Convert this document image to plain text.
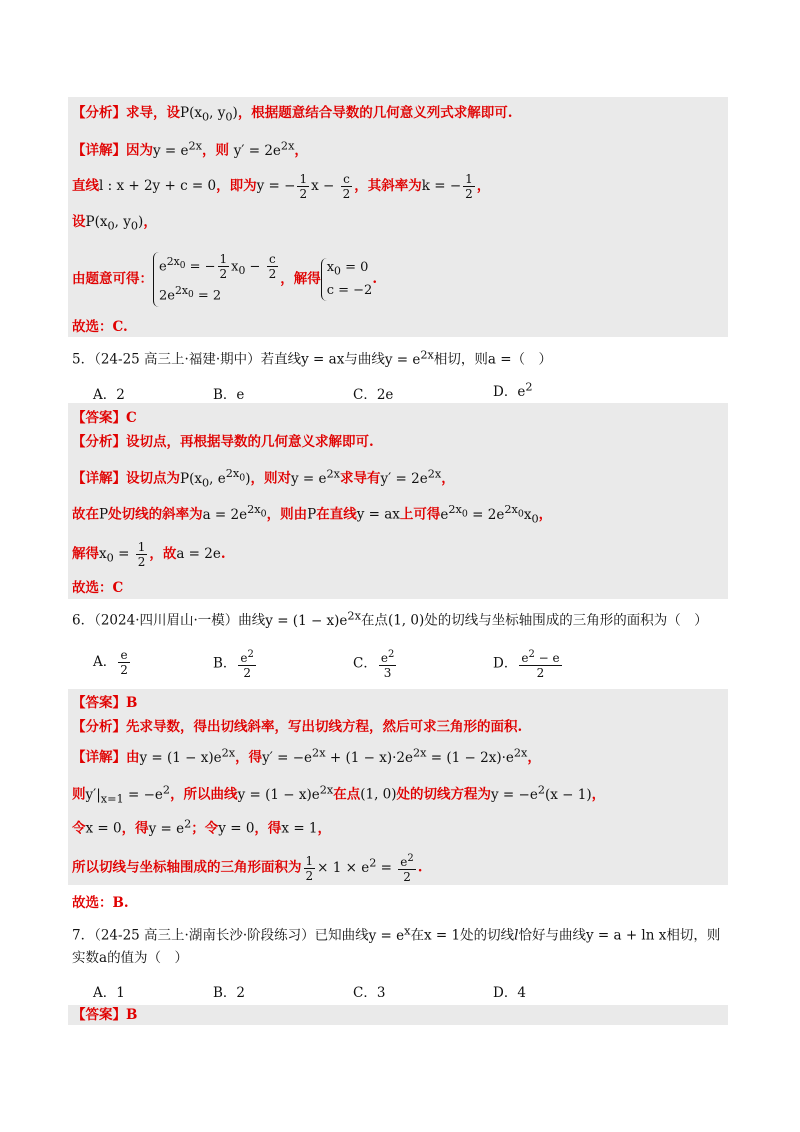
【分析】求导，设$P(x_0$, $y_0$)，根据题意结合导数的几何意义列式求解即可.
【详解】因为$y = e^{2x}$，则 $y' = 2e^{2x}$，
直线l : x + 2y + c = 0，即为y = − $\frac{1}{2}$ $x - \frac{c}{2}$ ，其斜率为k = − $\frac{1}{2}$ ，
设$P(x_0$, $y_0$)，
由题意可得：$e^{2x_0}$ = − $\frac{1}{2} x_0 - \frac{c}{2}$

$2e^{2x_0} = 2$，解得$x_0 = 0$
c = −2.
故选：C.
5．（24-25 高三上·福建·期中）若直线y = ax与曲线$y = e^{2x}$相切，则a =（　）
A．2	B．e	C．2e	D．$e^2$
【答案】C
【分析】设切点，再根据导数的几何意义求解即可.
【详解】设切点为$P(x_0$, $e^{2x_0}$)，则对$y = e^{2x}$求导有$y' = 2e^{2x}$，
故在P处切线的斜率为$a = 2e^{2x_0}$，则由P在直线y = ax上可得$e^{2x_0} = 2e^{2x_0}x_0$，
解得$x_0 = \frac{1}{2}$ ，故a = 2e.
故选：C
6．（2024·四川眉山·一模）曲线$y = (1 - x)e^{2x}$在点(1, 0)处的切线与坐标轴围成的三角形的面积为（　）
A． $\frac{e}{2}$	B． $\frac{e^2}{2}$	C． $\frac{e^2}{3}$	D． $\frac{e^2 - e}{2}$
【答案】B
【分析】先求导数，得出切线斜率，写出切线方程，然后可求三角形的面积.
【详解】由$y = (1 - x)e^{2x}$，得$y' = -e^{2x} + (1 - x)\cdot 2e^{2x} = (1 - 2x)\cdot e^{2x}$，
则$y'|_{x=1} = -e^2$，所以曲线$y = (1 - x)e^{2x}$在点(1, 0)处的切线方程为$y = -e^2(x - 1)$，
令x = 0，得$y = e^2$；令y = 0，得x = 1，
所以切线与坐标轴围成的三角形面积为 $\frac{1}{2} \times 1 \times e^2 = \frac{e^2}{2}$ .
故选：B.
7．（24-25 高三上·湖南长沙·阶段练习）已知曲线$y = e^x$在x = 1处的切线l恰好与曲线y = a + ln x相切，则
实数a的值为（　）
A．1	B．2	C．3	D．4
【答案】B
